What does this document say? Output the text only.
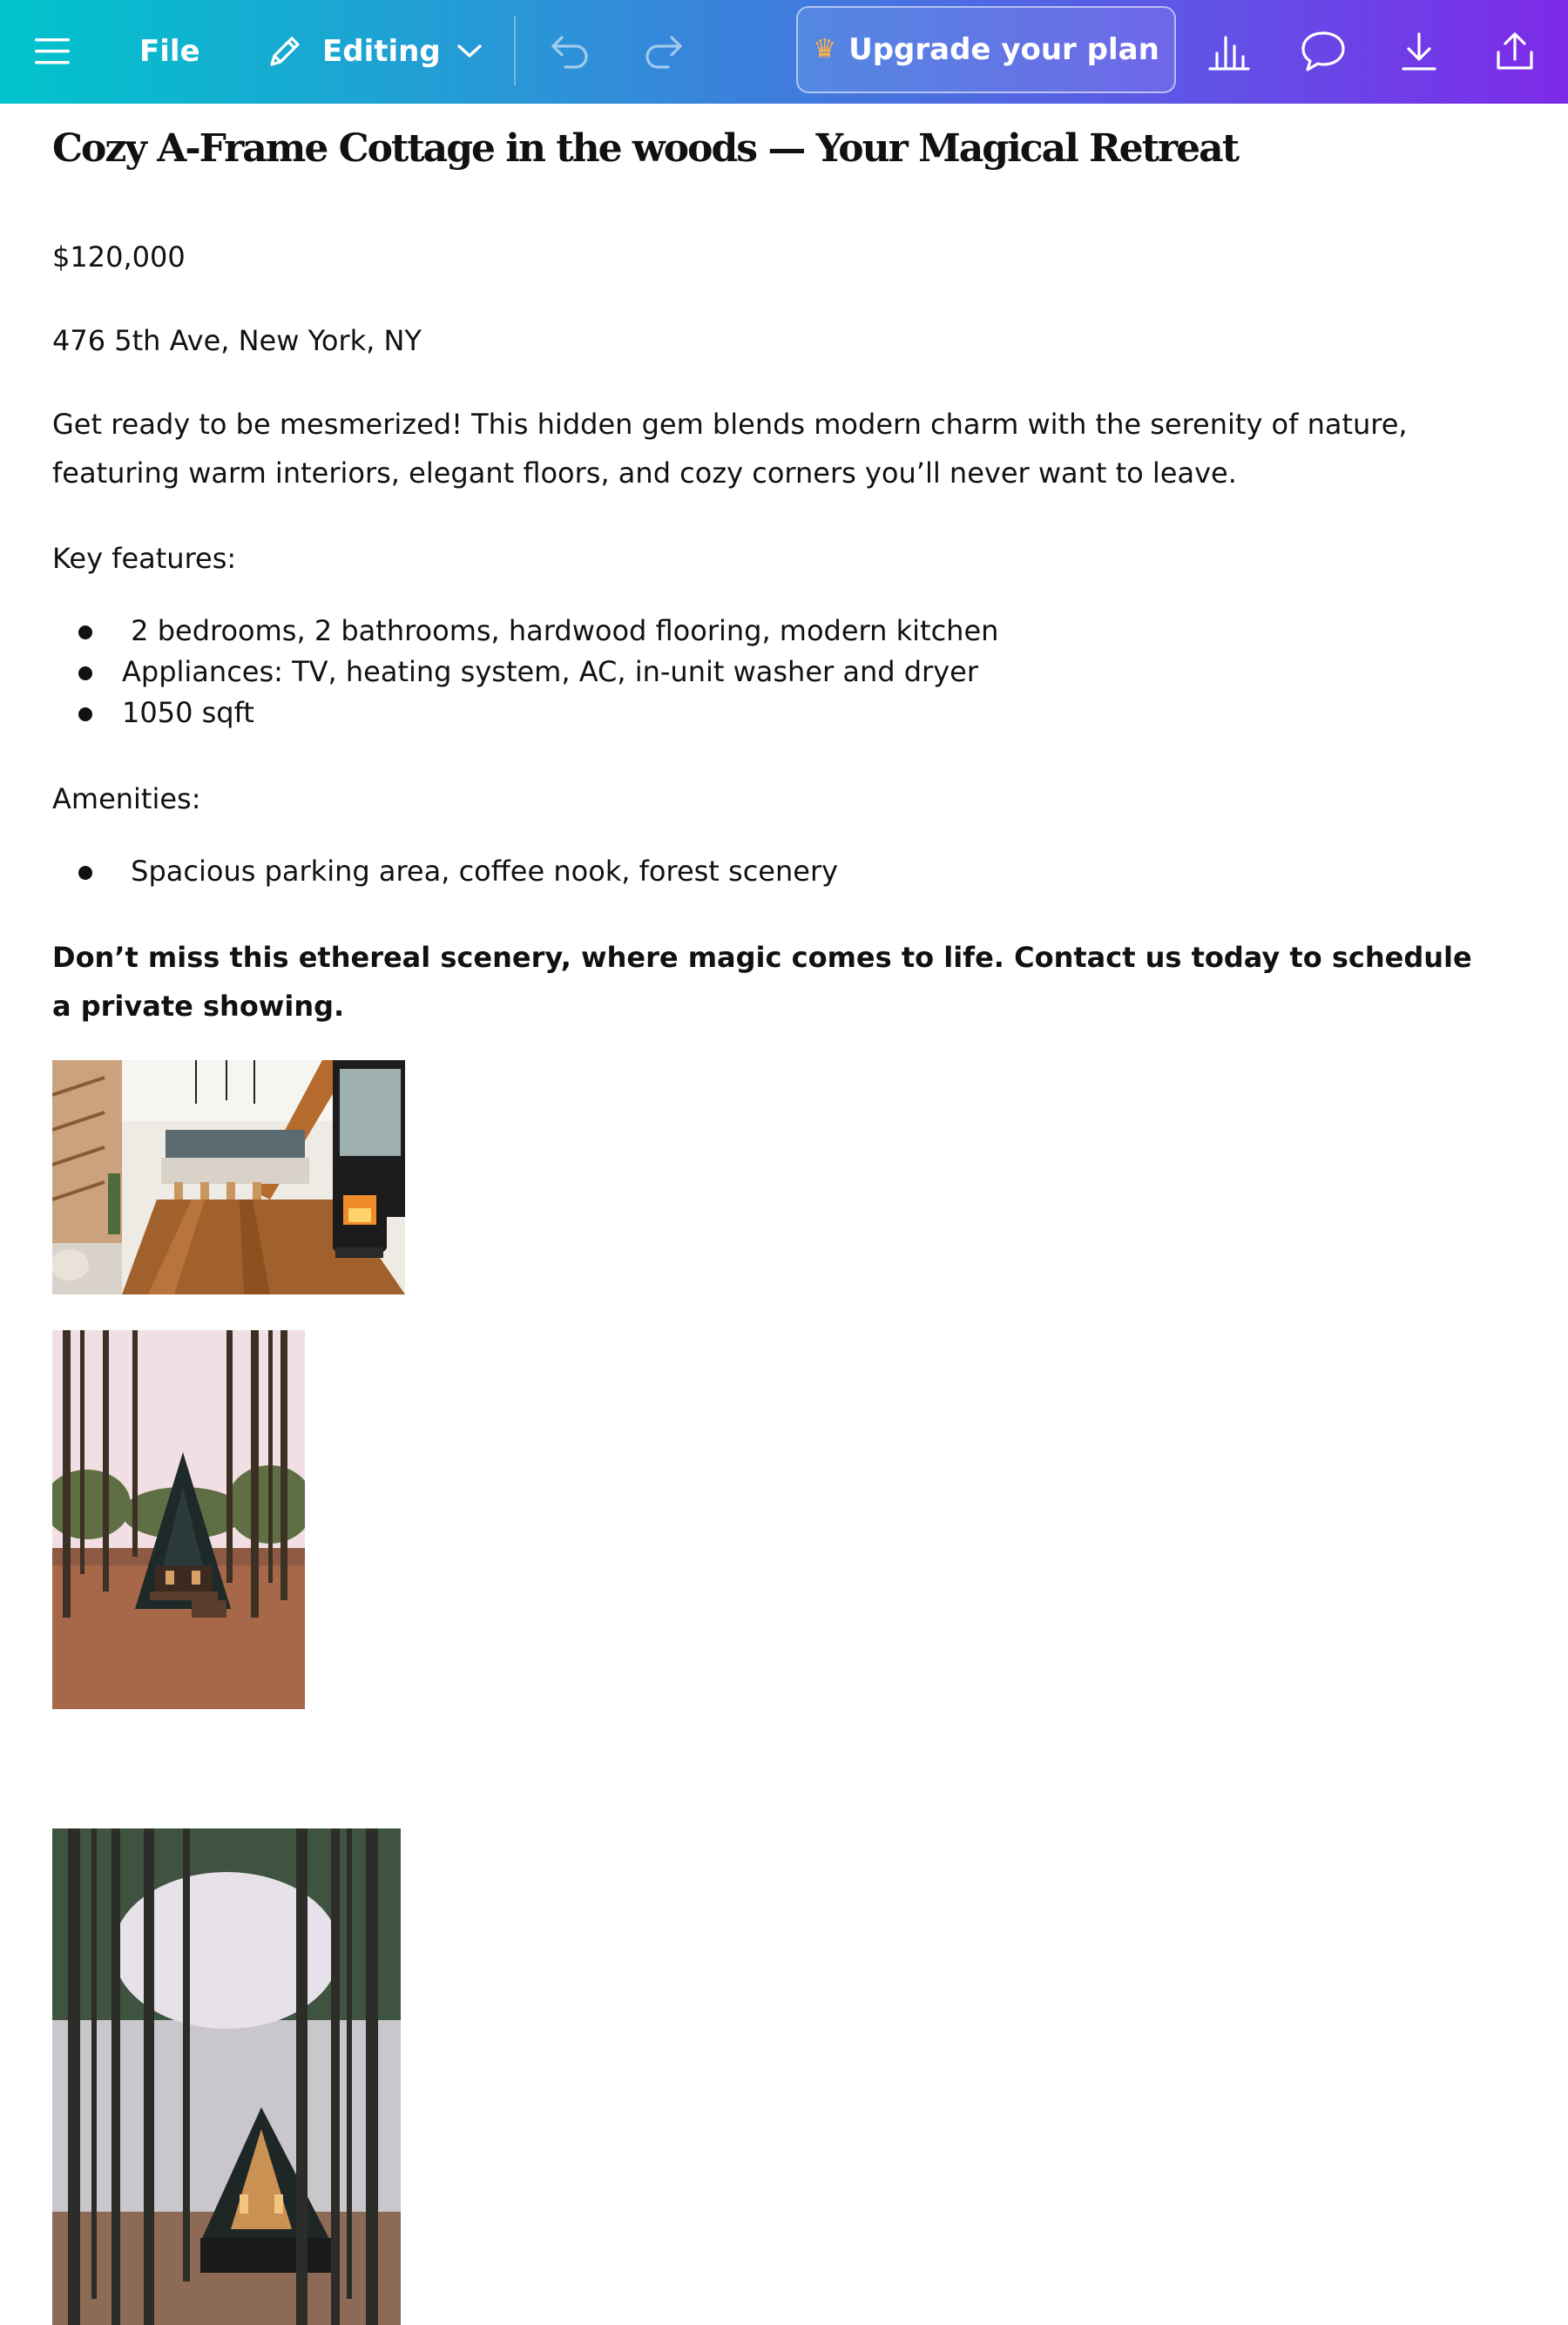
File	Editing	♛ Upgrade your plan
Cozy A-Frame Cottage in the woods — Your Magical Retreat

$120,000

476 5th Ave, New York, NY

Get ready to be mesmerized! This hidden gem blends modern charm with the serenity of nature, featuring warm interiors, elegant floors, and cozy corners you’ll never want to leave.

Key features:

2 bedrooms, 2 bathrooms, hardwood flooring, modern kitchen
Appliances: TV, heating system, AC, in-unit washer and dryer
1050 sqft

Amenities:

Spacious parking area, coffee nook, forest scenery

Don’t miss this ethereal scenery, where magic comes to life. Contact us today to schedule a private showing.
